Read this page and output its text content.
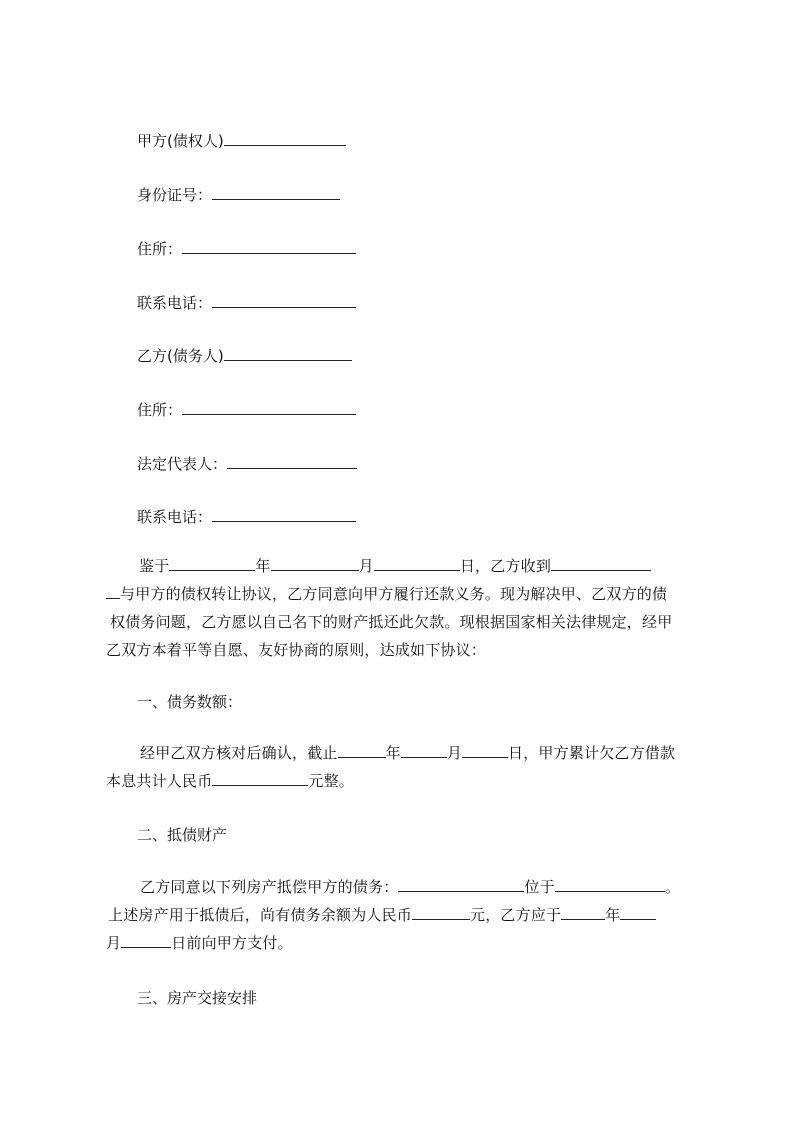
甲方(债权人)
身份证号：
住所：
联系电话：
乙方(债务人)
住所：
法定代表人：
联系电话：
鉴于	年	月	日，乙方收到
与甲方的债权转让协议，乙方同意向甲方履行还款义务。现为解决甲、乙双方的债
权债务问题，乙方愿以自己名下的财产抵还此欠款。现根据国家相关法律规定，经甲
乙双方本着平等自愿、友好协商的原则，达成如下协议：
一、债务数额：
经甲乙双方核对后确认，截止	年	月	日，甲方累计欠乙方借款
本息共计人民币	元整。
二、抵债财产
乙方同意以下列房产抵偿甲方的债务：	位于	。
上述房产用于抵债后，尚有债务余额为人民币	元，乙方应于	年
月	日前向甲方支付。
三、房产交接安排
